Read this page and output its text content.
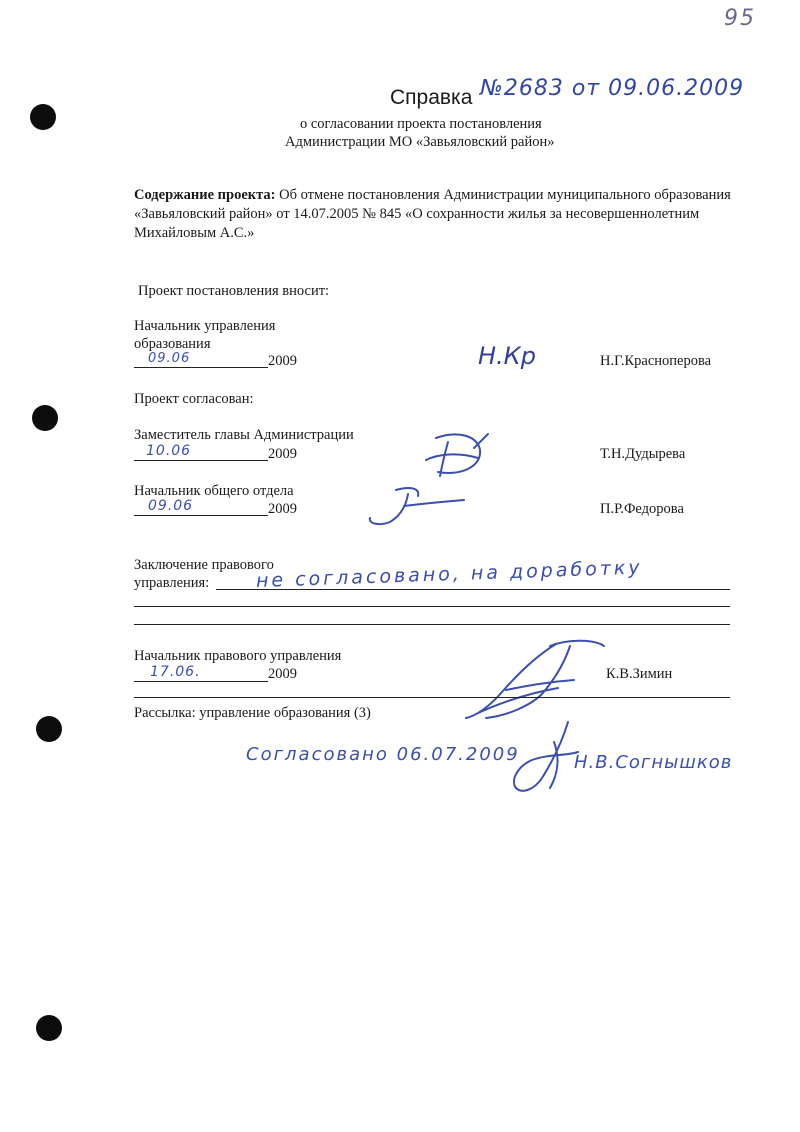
95
Справка №2683 от 09.06.2009
о согласовании проекта постановления
Администрации МО «Завьяловский район»
Содержание проекта: Об отмене постановления Администрации муниципального образования «Завьяловский район» от 14.07.2005 № 845 «О сохранности жилья за несовершеннолетним Михайловым А.С.»
Проект постановления вносит:
Начальник управления
образования
09.06	2009	Н.Кр	Н.Г.Красноперова
Проект согласован:
Заместитель главы Администрации
10.06	2009	Т.Н.Дудырева
Начальник общего отдела
09.06	2009	П.Р.Федорова
Заключение правового
управления: не согласовано, на доработку
Начальник правового управления
17.06.	2009	К.В.Зимин
Рассылка: управление образования (3)
Согласовано 06.07.2009	Н.В.Согнышков
